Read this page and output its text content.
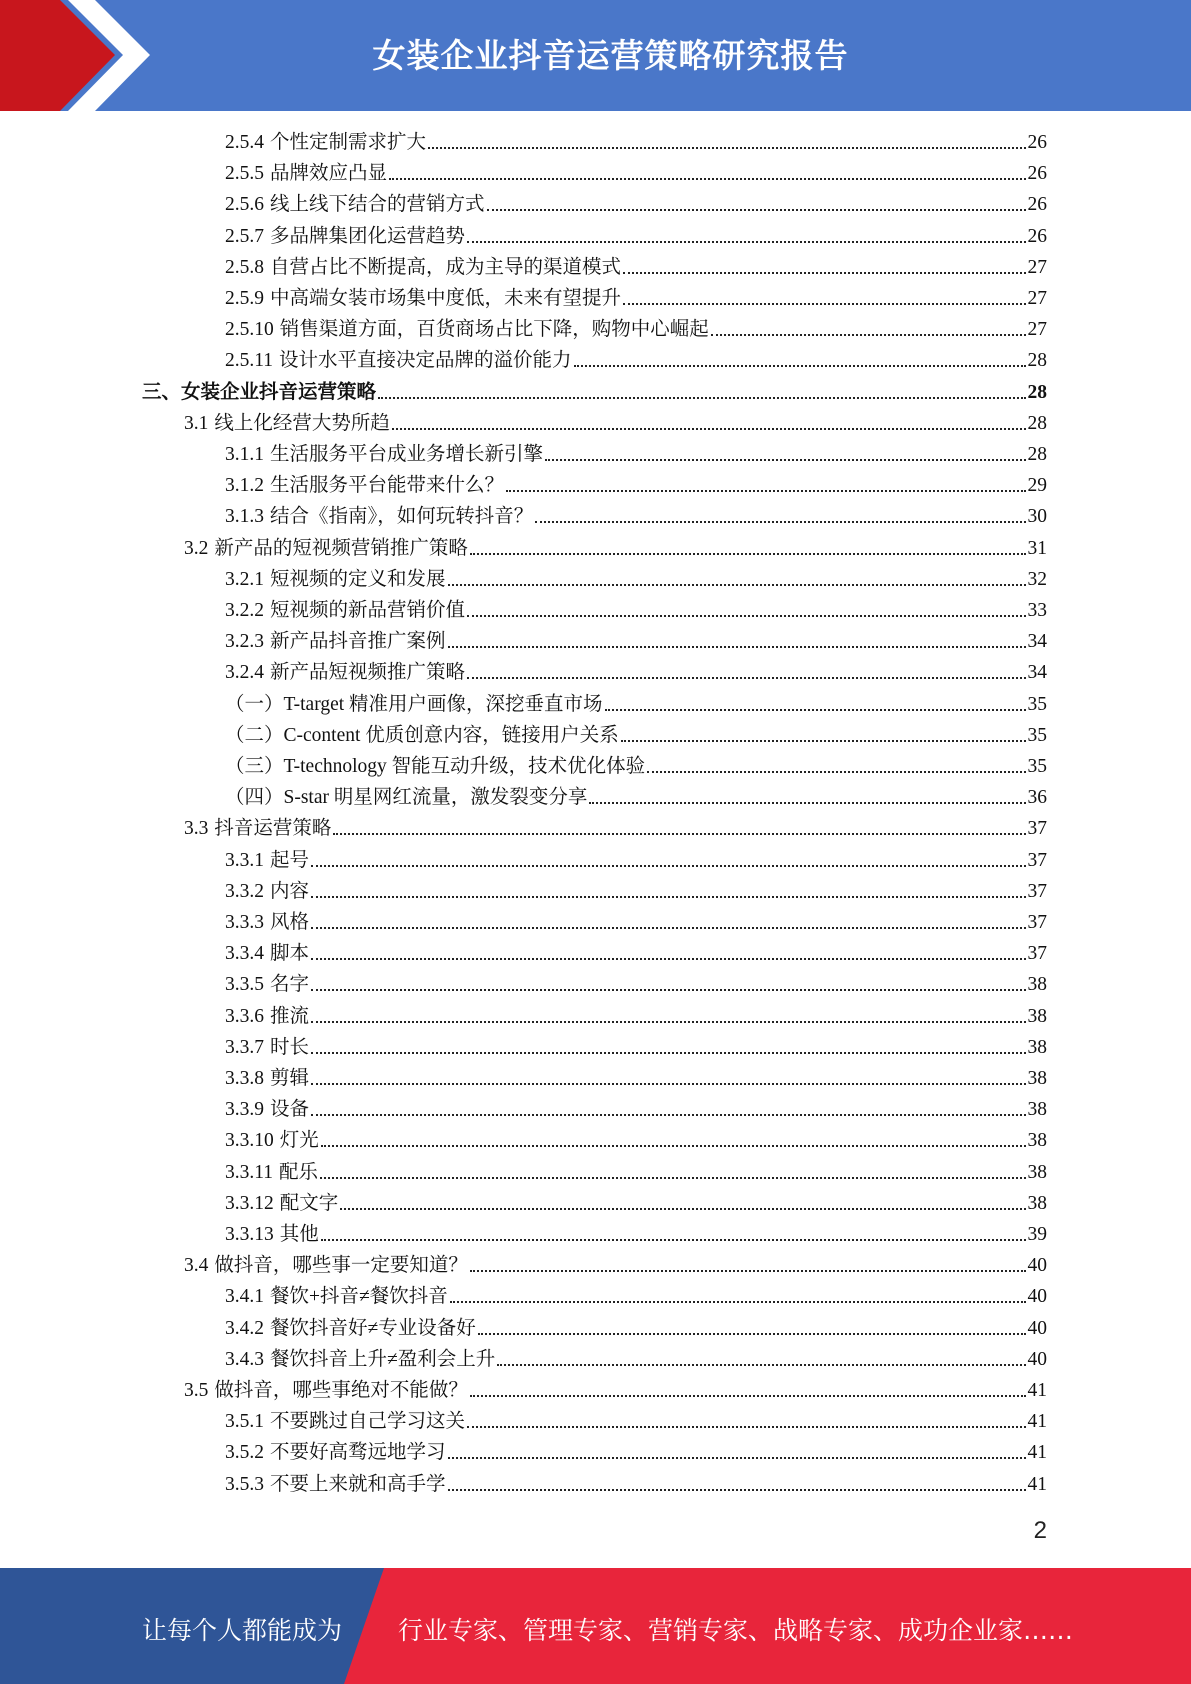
女装企业抖音运营策略研究报告
2.5.4 个性定制需求扩大	26
2.5.5 品牌效应凸显	26
2.5.6 线上线下结合的营销方式	26
2.5.7 多品牌集团化运营趋势	26
2.5.8 自营占比不断提高，成为主导的渠道模式	27
2.5.9 中高端女装市场集中度低，未来有望提升	27
2.5.10 销售渠道方面，百货商场占比下降，购物中心崛起	27
2.5.11 设计水平直接决定品牌的溢价能力	28
三、女装企业抖音运营策略	28
3.1 线上化经营大势所趋	28
3.1.1 生活服务平台成业务增长新引擎	28
3.1.2 生活服务平台能带来什么？	29
3.1.3 结合《指南》，如何玩转抖音？	30
3.2 新产品的短视频营销推广策略	31
3.2.1 短视频的定义和发展	32
3.2.2 短视频的新品营销价值	33
3.2.3 新产品抖音推广案例	34
3.2.4 新产品短视频推广策略	34
（一）T-target 精准用户画像，深挖垂直市场	35
（二）C-content 优质创意内容，链接用户关系	35
（三）T-technology 智能互动升级，技术优化体验	35
（四）S-star 明星网红流量，激发裂变分享	36
3.3 抖音运营策略	37
3.3.1 起号	37
3.3.2 内容	37
3.3.3 风格	37
3.3.4 脚本	37
3.3.5 名字	38
3.3.6 推流	38
3.3.7 时长	38
3.3.8 剪辑	38
3.3.9 设备	38
3.3.10 灯光	38
3.3.11 配乐	38
3.3.12 配文字	38
3.3.13 其他	39
3.4 做抖音，哪些事一定要知道？	40
3.4.1 餐饮+抖音≠餐饮抖音	40
3.4.2 餐饮抖音好≠专业设备好	40
3.4.3 餐饮抖音上升≠盈利会上升	40
3.5 做抖音，哪些事绝对不能做？	41
3.5.1 不要跳过自己学习这关	41
3.5.2 不要好高骛远地学习	41
3.5.3 不要上来就和高手学	41
2
让每个人都能成为 行业专家、管理专家、营销专家、战略专家、成功企业家……
